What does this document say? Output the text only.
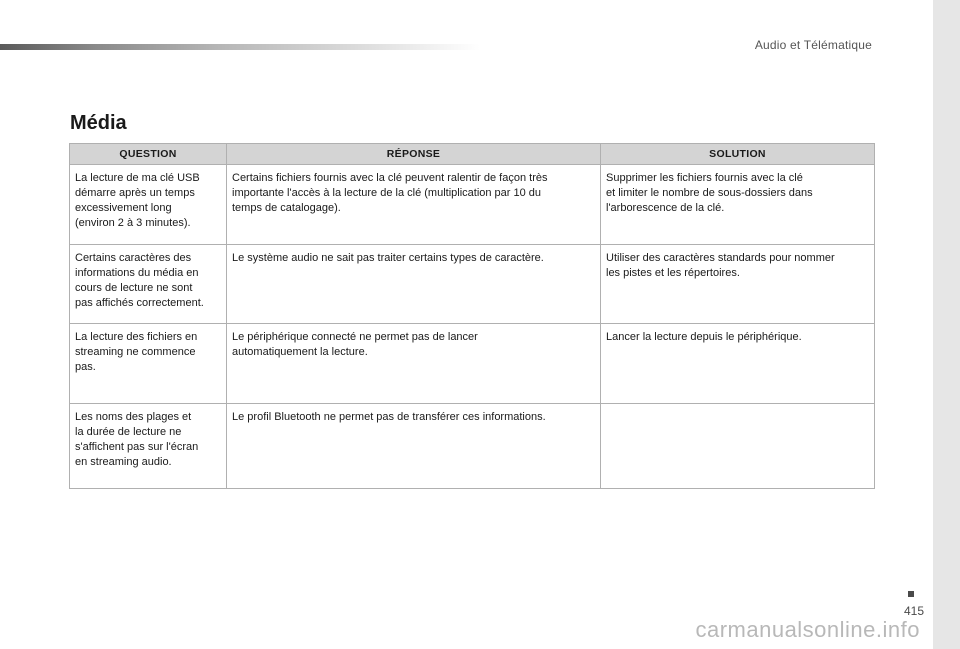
Audio et Télématique
Média
QUESTION	RÉPONSE	SOLUTION

La lecture de ma clé USB
démarre après un temps
excessivement long
(environ 2 à 3 minutes).	Certains fichiers fournis avec la clé peuvent ralentir de façon très
importante l'accès à la lecture de la clé (multiplication par 10 du
temps de catalogage).	Supprimer les fichiers fournis avec la clé
et limiter le nombre de sous-dossiers dans
l'arborescence de la clé.

Certains caractères des
informations du média en
cours de lecture ne sont
pas affichés correctement.	Le système audio ne sait pas traiter certains types de caractère.	Utiliser des caractères standards pour nommer
les pistes et les répertoires.

La lecture des fichiers en
streaming ne commence
pas.	Le périphérique connecté ne permet pas de lancer
automatiquement la lecture.	Lancer la lecture depuis le périphérique.

Les noms des plages et
la durée de lecture ne
s'affichent pas sur l'écran
en streaming audio.	Le profil Bluetooth ne permet pas de transférer ces informations.	

415
carmanualsonline.info
